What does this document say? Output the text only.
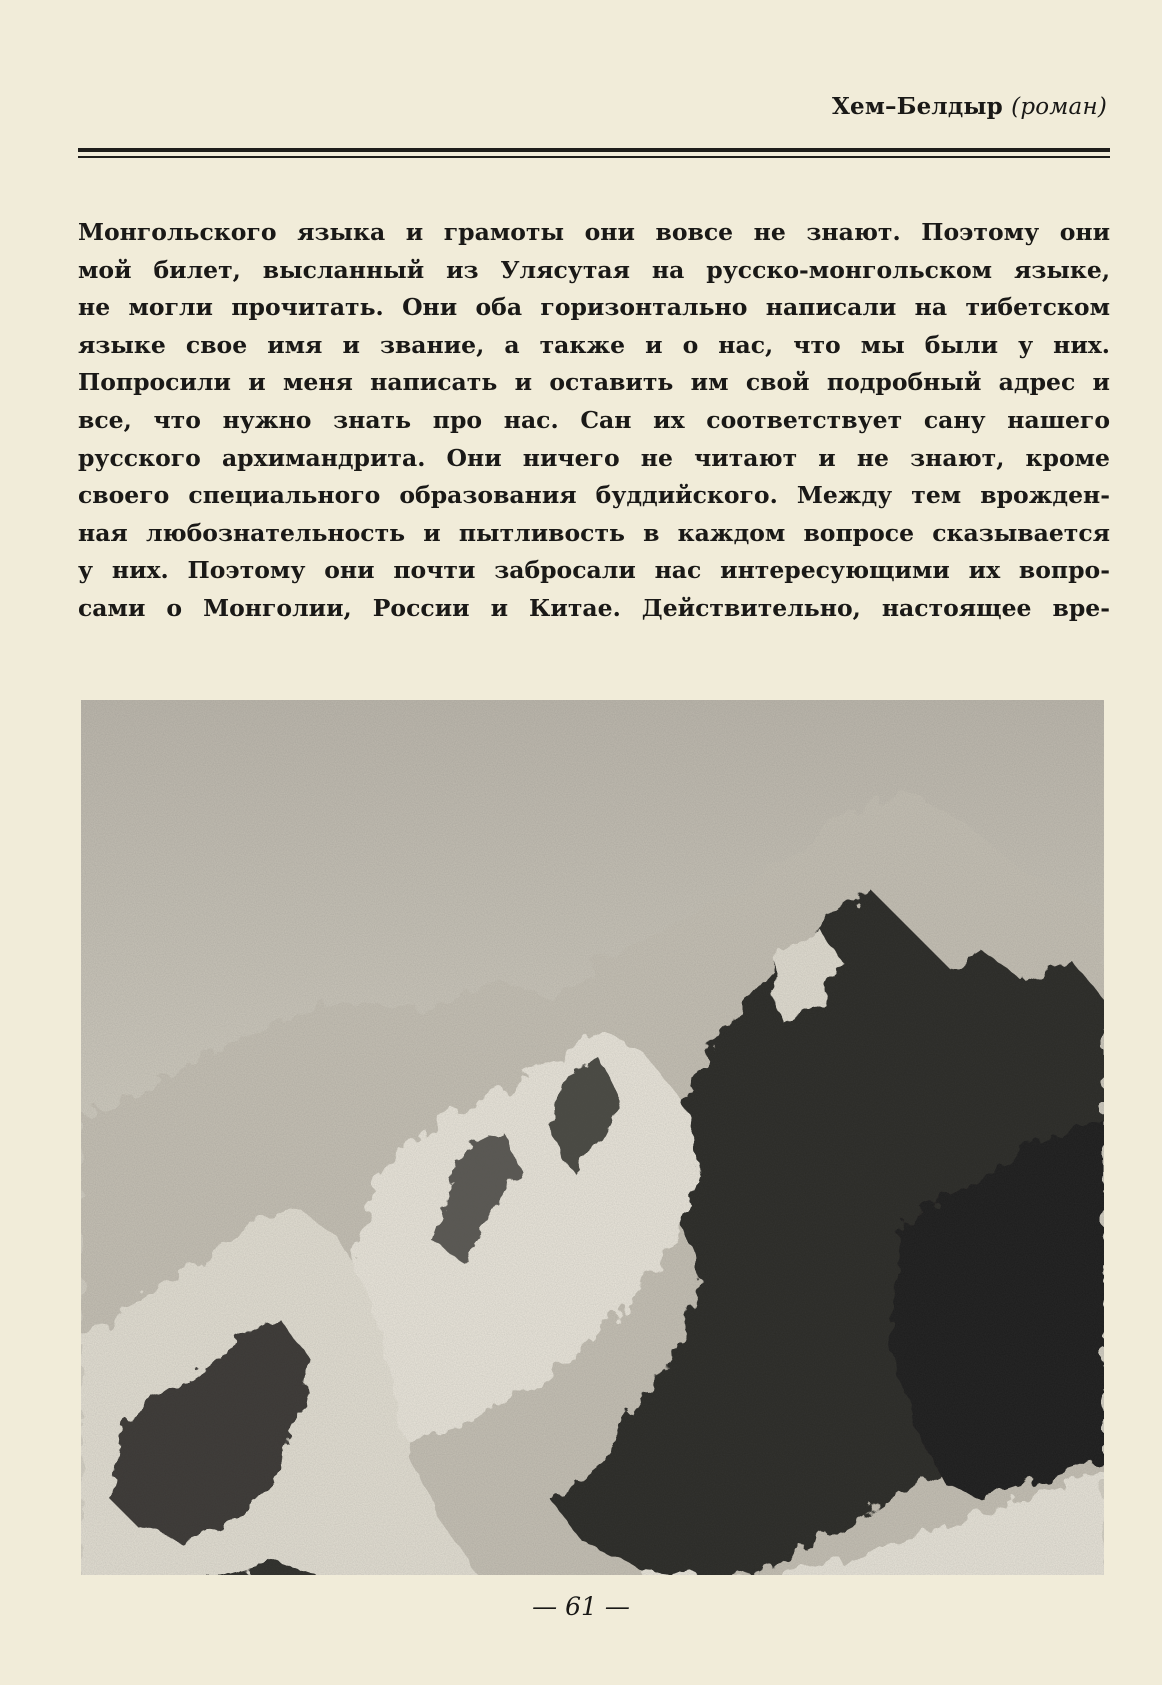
Хем–Белдыр (роман)
Монгольского языка и грамоты они вовсе не знают. Поэтому они
мой билет, высланный из Улясутая на русско-монгольском языке,
не могли прочитать. Они оба горизонтально написали на тибетском
языке свое имя и звание, а также и о нас, что мы были у них.
Попросили и меня написать и оставить им свой подробный адрес и
все, что нужно знать про нас. Сан их соответствует сану нашего
русского архимандрита. Они ничего не читают и не знают, кроме
своего специального образования буддийского. Между тем врожден-
ная любознательность и пытливость в каждом вопросе сказывается
у них. Поэтому они почти забросали нас интересующими их вопро-
сами о Монголии, России и Китае. Действительно, настоящее вре-
— 61 —
